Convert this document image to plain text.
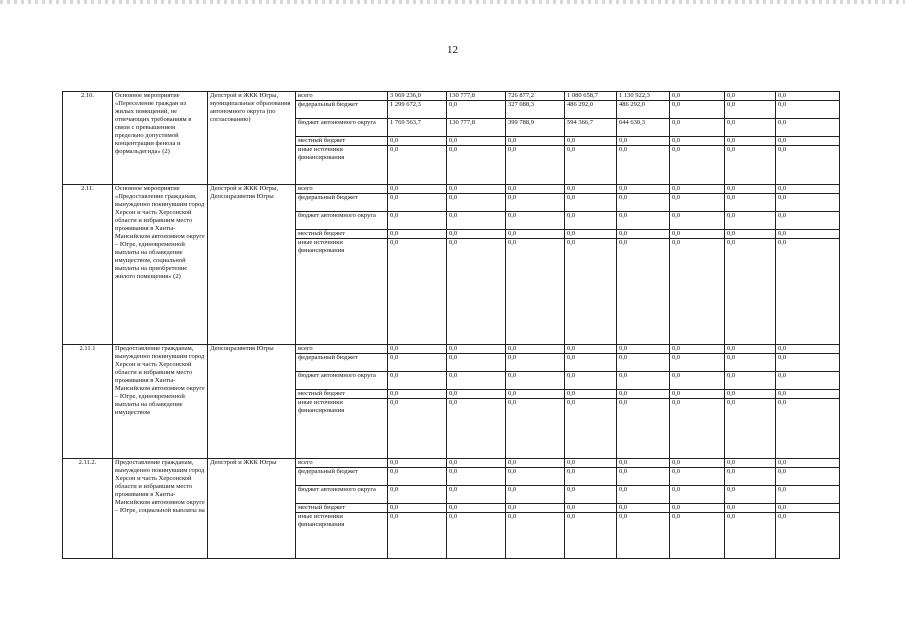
12
2.10.	Основное мероприятие «Переселение граждан из жилых помещений, не отвечающих требованиям в связи с превышением предельно допустимой концентрации фенола и формальдегида» (2)	Депстрой и ЖКК Югры, муниципальные образования автономного округа (по согласованию)	всего	3 069 236,0	130 777,8	726 877,2	1 080 658,7	1 130 922,3	0,0	0,0	0,0
			федеральный бюджет	1 299 672,3	0,0	327 088,3	486 292,0	486 292,0	0,0	0,0	0,0
			бюджет автономного округа	1 769 563,7	130 777,8	399 788,9	594 366,7	644 630,3	0,0	0,0	0,0
			местный бюджет	0,0	0,0	0,0	0,0	0,0	0,0	0,0	0,0
			иные источники финансирования	0,0	0,0	0,0	0,0	0,0	0,0	0,0	0,0
2.11.	Основное мероприятие «Предоставление гражданам, вынужденно покинувшим город Херсон и часть Херсонской области и избравшим место проживания в Ханты-Мансийском автономном округе – Югре, единовременной выплаты на обзаведение имуществом, социальной выплаты на приобретение жилого помещения» (2)	Депстрой и ЖКК Югры, Депсоцразвития Югры	всего	0,0	0,0	0,0	0,0	0,0	0,0	0,0	0,0
			федеральный бюджет	0,0	0,0	0,0	0,0	0,0	0,0	0,0	0,0
			бюджет автономного округа	0,0	0,0	0,0	0,0	0,0	0,0	0,0	0,0
			местный бюджет	0,0	0,0	0,0	0,0	0,0	0,0	0,0	0,0
			иные источники финансирования	0,0	0,0	0,0	0,0	0,0	0,0	0,0	0,0
2.11.1	Предоставление гражданам, вынужденно покинувшим город Херсон и часть Херсонской области и избравшим место проживания в Ханты-Мансийском автономном округе – Югре, единовременной выплаты на обзаведение имуществом	Депсоцразвития Югры	всего	0,0	0,0	0,0	0,0	0,0	0,0	0,0	0,0
			федеральный бюджет	0,0	0,0	0,0	0,0	0,0	0,0	0,0	0,0
			бюджет автономного округа	0,0	0,0	0,0	0,0	0,0	0,0	0,0	0,0
			местный бюджет	0,0	0,0	0,0	0,0	0,0	0,0	0,0	0,0
			иные источники финансирования	0,0	0,0	0,0	0,0	0,0	0,0	0,0	0,0
2.11.2.	Предоставление гражданам, вынужденно покинувшим город Херсон и часть Херсонской области и избравшим место проживания в Ханты-Мансийском автономном округе – Югре, социальной выплаты на	Депстрой и ЖКК Югры	всего	0,0	0,0	0,0	0,0	0,0	0,0	0,0	0,0
			федеральный бюджет	0,0	0,0	0,0	0,0	0,0	0,0	0,0	0,0
			бюджет автономного округа	0,0	0,0	0,0	0,0	0,0	0,0	0,0	0,0
			местный бюджет	0,0	0,0	0,0	0,0	0,0	0,0	0,0	0,0
			иные источники финансирования	0,0	0,0	0,0	0,0	0,0	0,0	0,0	0,0
